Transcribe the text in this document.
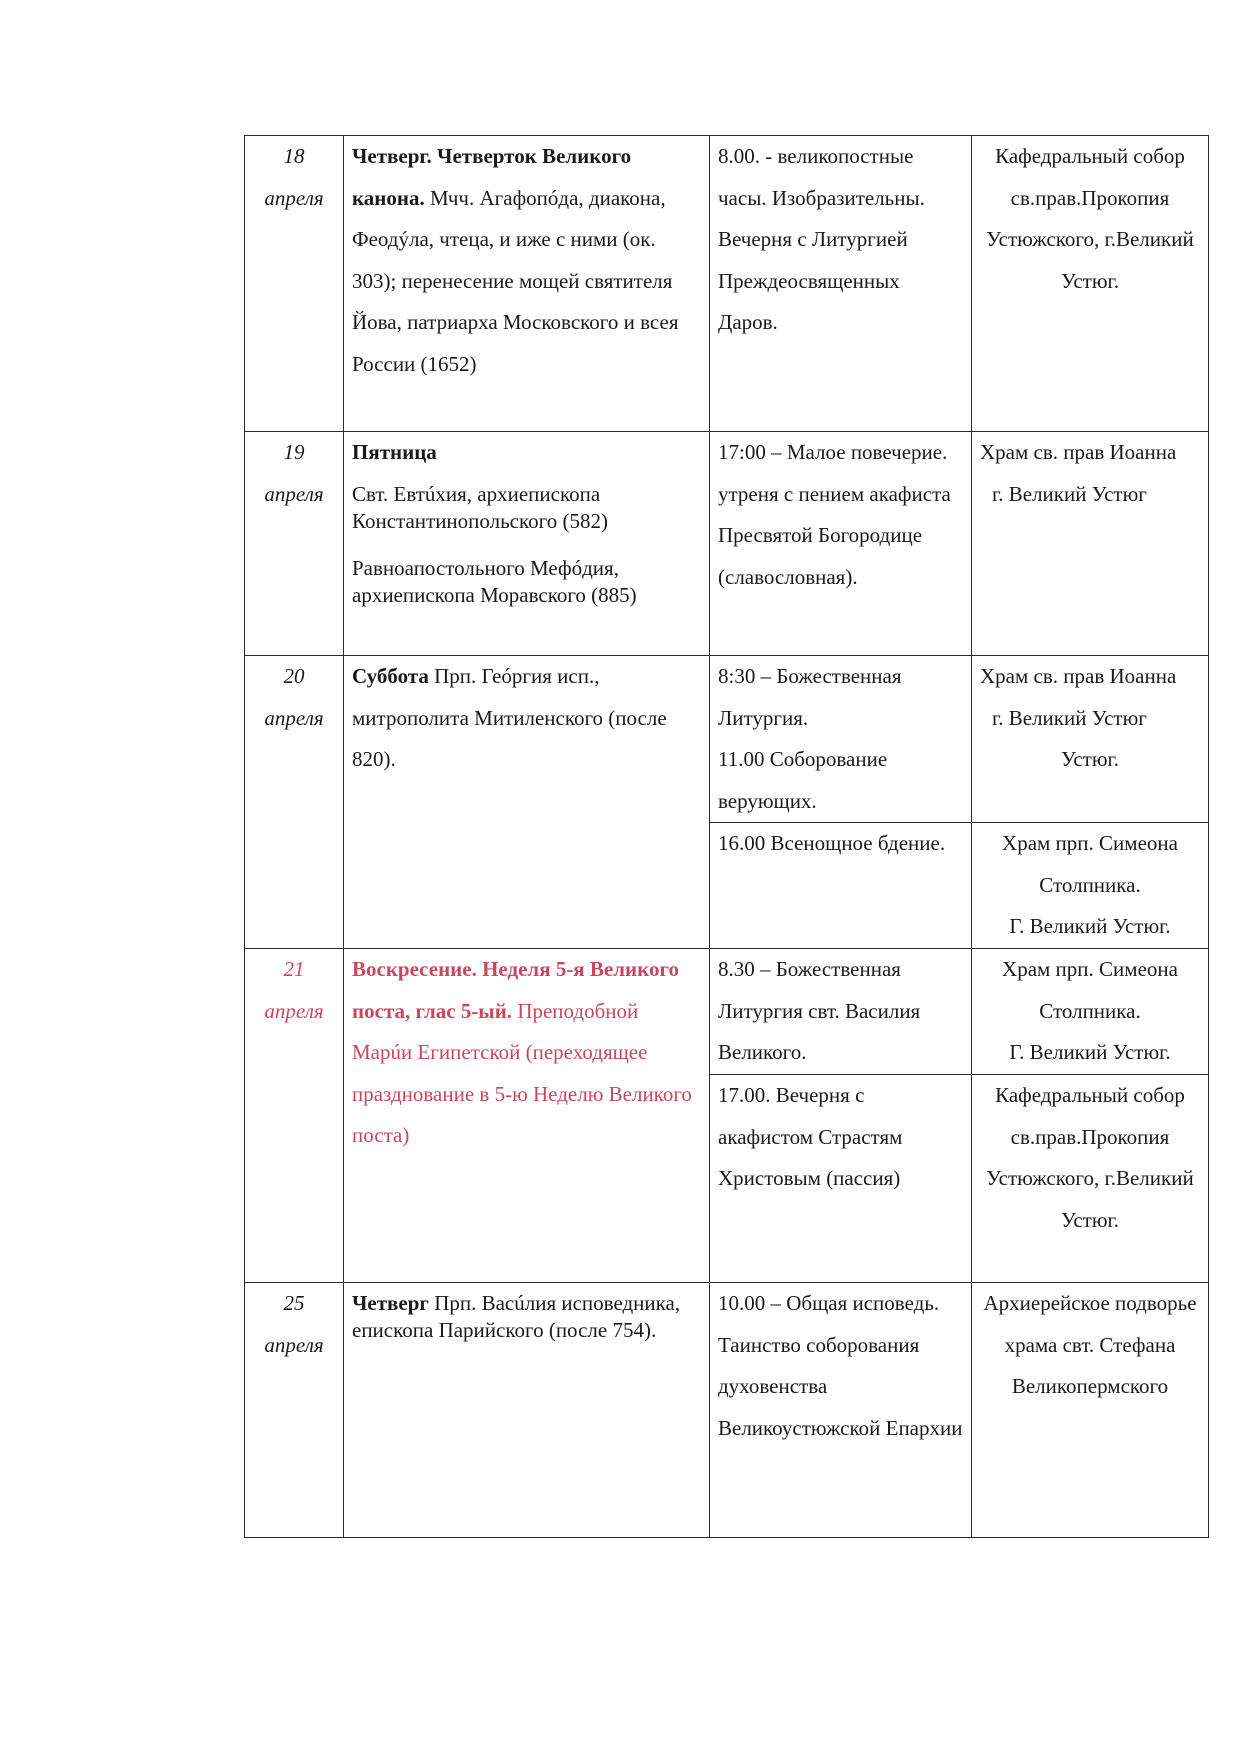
18
апреля	Четверг. Четверток Великого канона. Мчч. Агафопóда, диакона, Феодýла, чтеца, и иже с ними (ок. 303); перенесение мощей святителя Йова, патриарха Московского и всея России (1652)	8.00. - великопостные часы. Изобразительны. Вечерня с Литургией Преждеосвященных Даров.	Кафедральный собор св.прав.Прокопия Устюжского, г.Великий Устюг.

19
апреля	Пятница
Свт. Евтúхия, архиепископа Константинопольского (582)
Равноапостольного Мефóдия, архиепископа Моравского (885)	17:00 – Малое повечерие. утреня с пением акафиста Пресвятой Богородице (славословная).	Храм св. прав Иоанна
г. Великий Устюг

20
апреля	Суббота Прп. Геóргия исп., митрополита Митиленского (после 820).	8:30 – Божественная Литургия.
11.00 Соборование верующих.	Храм св. прав Иоанна
г. Великий Устюг
Устюг.

		16.00 Всенощное бдение.	Храм прп. Симеона Столпника.
Г. Великий Устюг.

21
апреля	Воскресение. Неделя 5-я Великого поста, глас 5-ый. Преподобной Марúи Египетской (переходящее празднование в 5-ю Неделю Великого поста)	8.30 – Божественная Литургия свт. Василия Великого.	Храм прп. Симеона Столпника.
Г. Великий Устюг.

		17.00. Вечерня с акафистом Страстям Христовым (пассия)	Кафедральный собор св.прав.Прокопия Устюжского, г.Великий Устюг.

25
апреля	Четверг Прп. Васúлия исповедника, епископа Парийского (после 754).	10.00 – Общая исповедь. Таинство соборования духовенства Великоустюжской Епархии	Архиерейское подворье храма свт. Стефана Великопермского
